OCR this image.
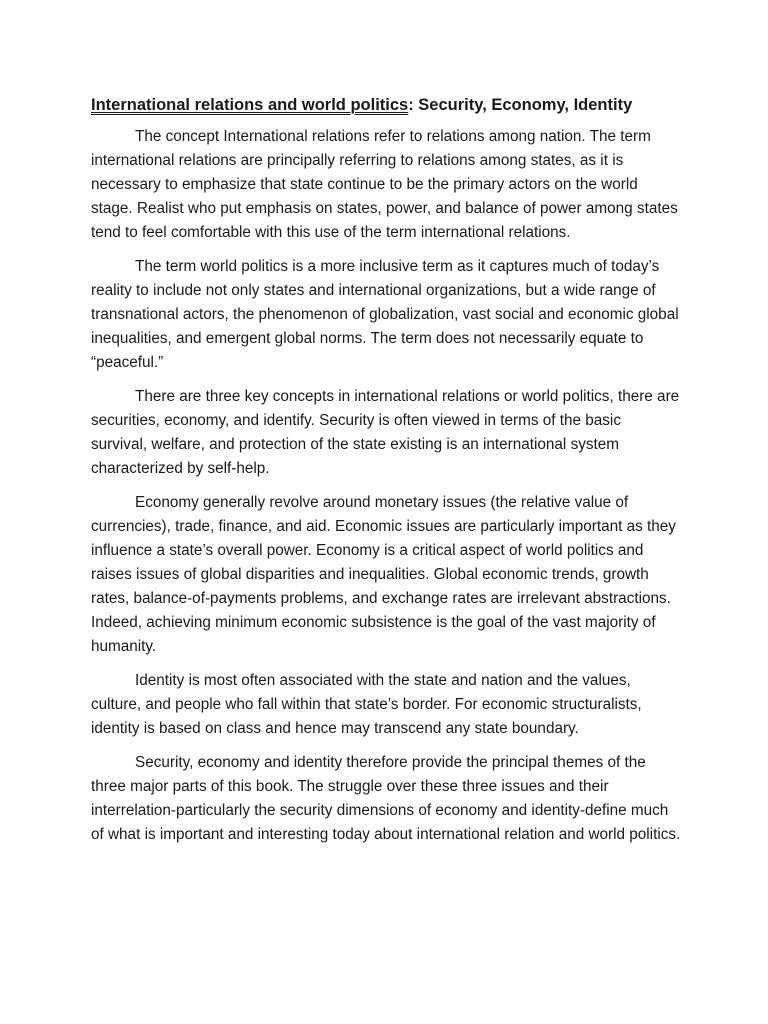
International relations and world politics: Security, Economy, Identity

The concept International relations refer to relations among nation. The term international relations are principally referring to relations among states, as it is necessary to emphasize that state continue to be the primary actors on the world stage. Realist who put emphasis on states, power, and balance of power among states tend to feel comfortable with this use of the term international relations.

The term world politics is a more inclusive term as it captures much of today’s reality to include not only states and international organizations, but a wide range of transnational actors, the phenomenon of globalization, vast social and economic global inequalities, and emergent global norms. The term does not necessarily equate to “peaceful.”

There are three key concepts in international relations or world politics, there are securities, economy, and identify. Security is often viewed in terms of the basic survival, welfare, and protection of the state existing is an international system characterized by self-help.

Economy generally revolve around monetary issues (the relative value of currencies), trade, finance, and aid. Economic issues are particularly important as they influence a state’s overall power. Economy is a critical aspect of world politics and raises issues of global disparities and inequalities. Global economic trends, growth rates, balance-of-payments problems, and exchange rates are irrelevant abstractions. Indeed, achieving minimum economic subsistence is the goal of the vast majority of humanity.

Identity is most often associated with the state and nation and the values, culture, and people who fall within that state’s border. For economic structuralists, identity is based on class and hence may transcend any state boundary.

Security, economy and identity therefore provide the principal themes of the three major parts of this book. The struggle over these three issues and their interrelation-particularly the security dimensions of economy and identity-define much of what is important and interesting today about international relation and world politics.
